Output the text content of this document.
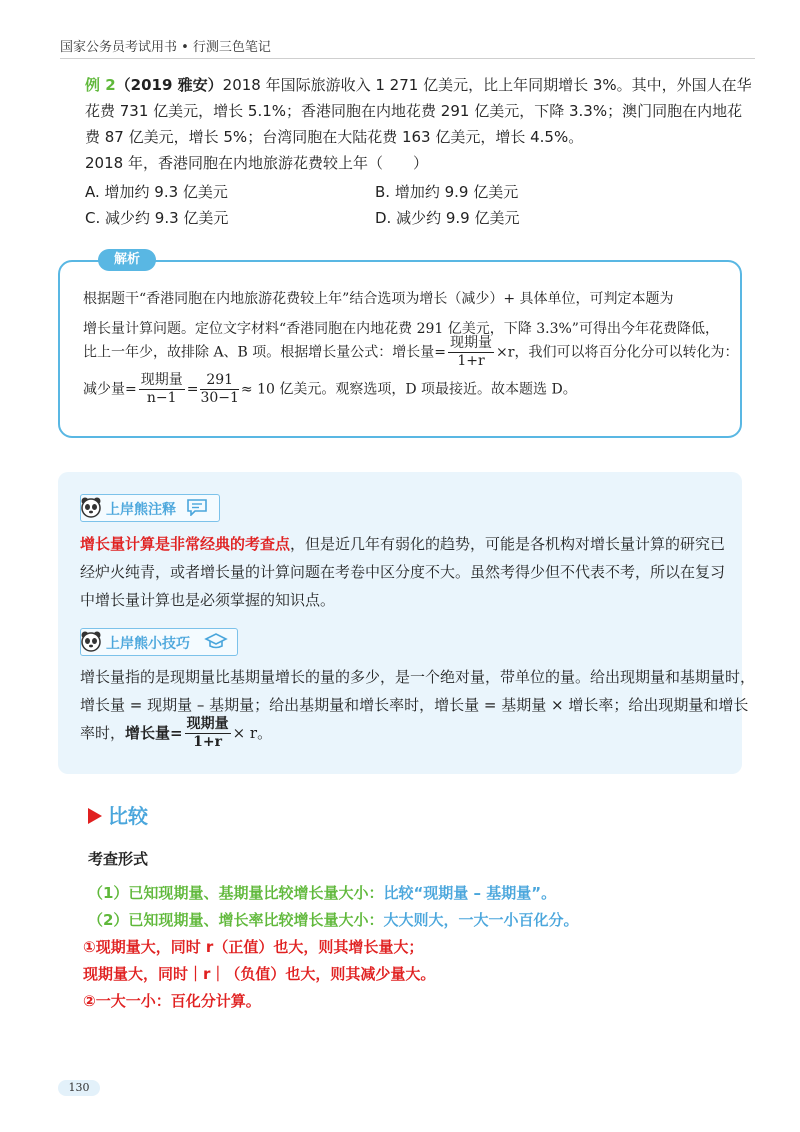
国家公务员考试用书 • 行测三色笔记
例 2（2019 雅安）2018 年国际旅游收入 1 271 亿美元，比上年同期增长 3%。其中，外国人在华
花费 731 亿美元，增长 5.1%；香港同胞在内地花费 291 亿美元，下降 3.3%；澳门同胞在内地花
费 87 亿美元，增长 5%；台湾同胞在大陆花费 163 亿美元，增长 4.5%。
2018 年，香港同胞在内地旅游花费较上年（　　）
A. 增加约 9.3 亿美元	B. 增加约 9.9 亿美元
C. 减少约 9.3 亿美元	D. 减少约 9.9 亿美元
解析
根据题干“香港同胞在内地旅游花费较上年”结合选项为增长（减少）+ 具体单位，可判定本题为
增长量计算问题。定位文字材料“香港同胞在内地花费 291 亿美元，下降 3.3%”可得出今年花费降低，
比上一年少，故排除 A、B 项。根据增长量公式：增长量= $\frac{\text{现期量}}{1+r} \times r$，我们可以将百分化分可以转化为：
减少量= $\frac{\text{现期量}}{n-1} = \frac{291}{30-1} \approx 10$ 亿美元。观察选项，D 项最接近。故本题选 D。
上岸熊注释
增长量计算是非常经典的考查点，但是近几年有弱化的趋势，可能是各机构对增长量计算的研究已
经炉火纯青，或者增长量的计算问题在考卷中区分度不大。虽然考得少但不代表不考，所以在复习
中增长量计算也是必须掌握的知识点。
上岸熊小技巧
增长量指的是现期量比基期量增长的量的多少，是一个绝对量，带单位的量。给出现期量和基期量时，
增长量 = 现期量 – 基期量；给出基期量和增长率时，增长量 = 基期量 × 增长率；给出现期量和增长
率时，增长量= $\frac{\text{现期量}}{1+r} \times r$。
比较
考查形式
（1）已知现期量、基期量比较增长量大小：比较“现期量 – 基期量”。
（2）已知现期量、增长率比较增长量大小：大大则大，一大一小百化分。
①现期量大，同时 r（正值）也大，则其增长量大；
现期量大，同时｜r｜（负值）也大，则其减少量大。
②一大一小：百化分计算。
130
